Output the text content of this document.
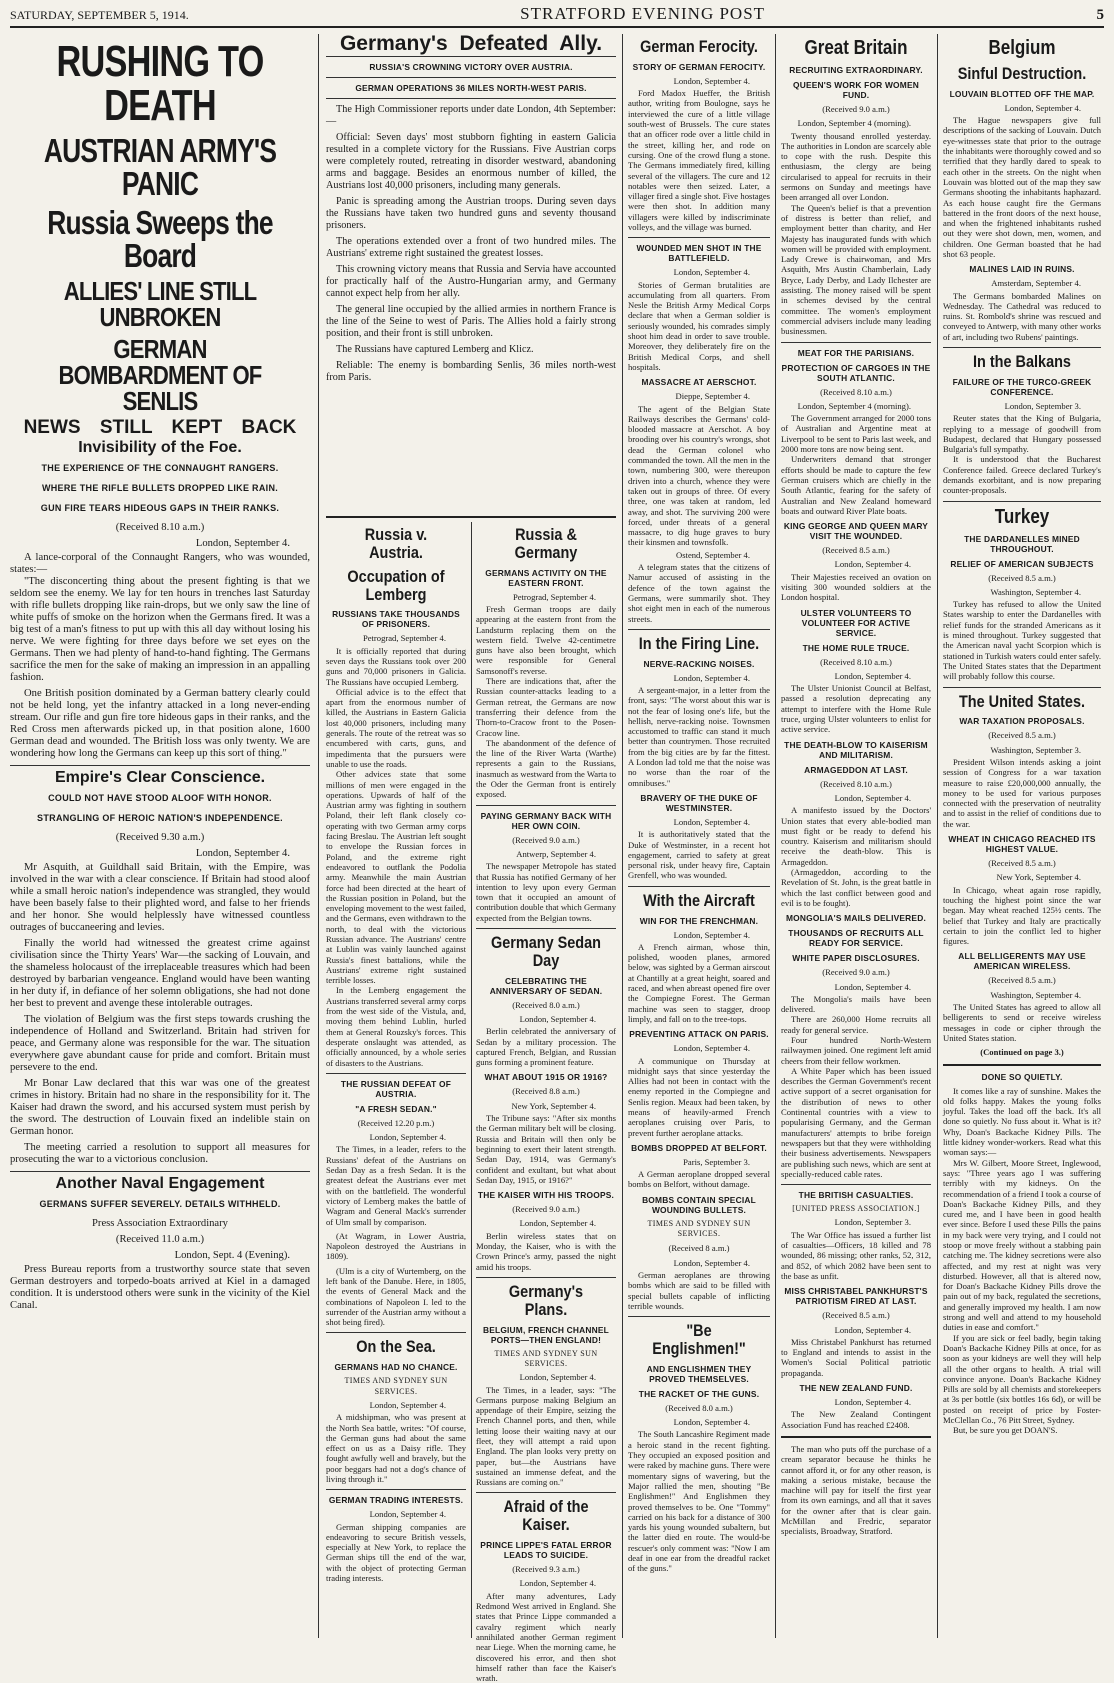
SATURDAY, SEPTEMBER 5, 1914.	STRATFORD EVENING POST	5
RUSHING TO DEATH
AUSTRIAN ARMY'S PANIC
Russia Sweeps the Board
ALLIES' LINE STILL UNBROKEN
GERMAN BOMBARDMENT OF SENLIS
NEWS STILL KEPT BACK
Invisibility of the Foe.
THE EXPERIENCE OF THE CONNAUGHT RANGERS.
WHERE THE RIFLE BULLETS DROPPED LIKE RAIN.
GUN FIRE TEARS HIDEOUS GAPS IN THEIR RANKS.
(Received 8.10 a.m.)
London, September 4.

A lance-corporal of the Connaught Rangers, who was wounded, states:—

"The disconcerting thing about the present fighting is that we seldom see the enemy. We lay for ten hours in trenches last Saturday with rifle bullets dropping like rain-drops, but we only saw the line of white puffs of smoke on the horizon when the Germans fired. It was a big test of a man's fitness to put up with this all day without losing his nerve. We were fighting for three days before we set eyes on the Germans. Then we had plenty of hand-to-hand fighting. The Germans sacrifice the men for the sake of making an impression in an appalling fashion.

One British position dominated by a German battery clearly could not be held long, yet the infantry attacked in a long never-ending stream. Our rifle and gun fire tore hideous gaps in their ranks, and the Red Cross men afterwards picked up, in that position alone, 1600 German dead and wounded. The British loss was only twenty. We are wondering how long the Germans can keep up this sort of thing."

Empire's Clear Conscience.
COULD NOT HAVE STOOD ALOOF WITH HONOR.
STRANGLING OF HEROIC NATION'S INDEPENDENCE.
(Received 9.30 a.m.)
London, September 4.

Mr Asquith, at Guildhall said Britain, with the Empire, was involved in the war with a clear conscience. If Britain had stood aloof while a small heroic nation's independence was strangled, they would have been basely false to their plighted word, and false to her friends and her honor. She would helplessly have witnessed countless outrages of buccaneering and levies.

Finally the world had witnessed the greatest crime against civilisation since the Thirty Years' War—the sacking of Louvain, and the shameless holocaust of the irreplaceable treasures which had been destroyed by barbarian vengeance. England would have been wanting in her duty if, in defiance of her solemn obligations, she had not done her best to prevent and avenge these intolerable outrages.

The violation of Belgium was the first steps towards crushing the independence of Holland and Switzerland. Britain had striven for peace, and Germany alone was responsible for the war. The situation everywhere gave abundant cause for pride and comfort. Britain must persevere to the end.

Mr Bonar Law declared that this war was one of the greatest crimes in history. Britain had no share in the responsibility for it. The Kaiser had drawn the sword, and his accursed system must perish by the sword. The destruction of Louvain fixed an indelible stain on German honor.

The meeting carried a resolution to support all measures for prosecuting the war to a victorious conclusion.

Another Naval Engagement
GERMANS SUFFER SEVERELY. DETAILS WITHHELD.
Press Association Extraordinary
(Received 11.0 a.m.)
London, Sept. 4 (Evening).

Press Bureau reports from a trustworthy source state that seven German destroyers and torpedo-boats arrived at Kiel in a damaged condition. It is understood others were sunk in the vicinity of the Kiel Canal.

Germany's Defeated Ally.
RUSSIA'S CROWNING VICTORY OVER AUSTRIA.
GERMAN OPERATIONS 36 MILES NORTH-WEST PARIS.

The High Commissioner reports under date London, 4th September:—

Official: Seven days' most stubborn fighting in eastern Galicia resulted in a complete victory for the Russians. Five Austrian corps were completely routed, retreating in disorder westward, abandoning arms and baggage. Besides an enormous number of killed, the Austrians lost 40,000 prisoners, including many generals.

Panic is spreading among the Austrian troops. During seven days the Russians have taken two hundred guns and seventy thousand prisoners.

The operations extended over a front of two hundred miles. The Austrians' extreme right sustained the greatest losses.

This crowning victory means that Russia and Servia have accounted for practically half of the Austro-Hungarian army, and Germany cannot expect help from her ally.

The general line occupied by the allied armies in northern France is the line of the Seine to west of Paris. The Allies hold a fairly strong position, and their front is still unbroken.

The Russians have captured Lemberg and Klicz.

Reliable: The enemy is bombarding Senlis, 36 miles north-west from Paris.

Russia v. Austria.
Occupation of Lemberg
RUSSIANS TAKE THOUSANDS OF PRISONERS.
Petrograd, September 4.

It is officially reported that during seven days the Russians took over 200 guns and 70,000 prisoners in Galicia. The Russians have occupied Lemberg.

Official advice is to the effect that apart from the enormous number of killed, the Austrians in Eastern Galicia lost 40,000 prisoners, including many generals. The route of the retreat was so encumbered with carts, guns, and impedimenta that the pursuers were unable to use the roads.

Other advices state that some millions of men were engaged in the operations. Upwards of half of the Austrian army was fighting in southern Poland, their left flank closely co-operating with two German army corps facing Breslau. The Austrian left sought to envelope the Russian forces in Poland, and the extreme right endeavored to outflank the Podolia army. Meanwhile the main Austrian force had been directed at the heart of the Russian position in Poland, but the enveloping movement to the west failed, and the Germans, even withdrawn to the north, to deal with the victorious Russian advance. The Austrians' centre at Lublin was vainly launched against Russia's finest battalions, while the Austrians' extreme right sustained terrible losses.

In the Lemberg engagement the Austrians transferred several army corps from the west side of the Vistula, and, moving them behind Lublin, hurled them at General Rouzsky's forces. This desperate onslaught was attended, as officially announced, by a whole series of disasters to the Austrians.

THE RUSSIAN DEFEAT OF AUSTRIA.
"A FRESH SEDAN."
(Received 12.20 p.m.)
London, September 4.

The Times, in a leader, refers to the Russians' defeat of the Austrians on Sedan Day as a fresh Sedan. It is the greatest defeat the Austrians ever met with on the battlefield. The wonderful victory of Lemberg makes the battle of Wagram and General Mack's surrender of Ulm small by comparison.

(At Wagram, in Lower Austria, Napoleon destroyed the Austrians in 1809).

(Ulm is a city of Wurtemberg, on the left bank of the Danube. Here, in 1805, the events of General Mack and the combinations of Napoleon I. led to the surrender of the Austrian army without a shot being fired).

On the Sea.
GERMANS HAD NO CHANCE.
TIMES AND SYDNEY SUN SERVICES.
London, September 4.

A midshipman, who was present at the North Sea battle, writes: "Of course, the German guns had about the same effect on us as a Daisy rifle. They fought awfully well and bravely, but the poor beggars had not a dog's chance of living through it."

GERMAN TRADING INTERESTS.
London, September 4.

German shipping companies are endeavoring to secure British vessels, especially at New York, to replace the German ships till the end of the war, with the object of protecting German trading interests.

Russia & Germany
GERMANS ACTIVITY ON THE EASTERN FRONT.
Petrograd, September 4.

Fresh German troops are daily appearing at the eastern front from the Landsturm replacing them on the western field. Twelve 42-centimetre guns have also been brought, which were responsible for General Samsonoff's reverse.

There are indications that, after the Russian counter-attacks leading to a German retreat, the Germans are now transferring their defence from the Thorn-to-Cracow front to the Posen-Cracow line.

The abandonment of the defence of the line of the River Warta (Warthe) represents a gain to the Russians, inasmuch as westward from the Warta to the Oder the German front is entirely exposed.

PAYING GERMANY BACK WITH HER OWN COIN.
(Received 9.0 a.m.)
Antwerp, September 4.

The newspaper Metropole has stated that Russia has notified Germany of her intention to levy upon every German town that it occupied an amount of contribution double that which Germany expected from the Belgian towns.

Germany Sedan Day
CELEBRATING THE ANNIVERSARY OF SEDAN.
(Received 8.0 a.m.)
London, September 4.

Berlin celebrated the anniversary of Sedan by a military procession. The captured French, Belgian, and Russian guns forming a prominent feature.

WHAT ABOUT 1915 OR 1916?
(Received 8.8 a.m.)
New York, September 4.

The Tribune says: "After six months the German military belt will be closing. Russia and Britain will then only be beginning to exert their latent strength. Sedan Day, 1914, was Germany's confident and exultant, but what about Sedan Day, 1915, or 1916?"

THE KAISER WITH HIS TROOPS.
(Received 9.0 a.m.)
London, September 4.

Berlin wireless states that on Monday, the Kaiser, who is with the Crown Prince's army, passed the night amid his troops.

Germany's Plans.
BELGIUM, FRENCH CHANNEL PORTS—THEN ENGLAND!
TIMES AND SYDNEY SUN SERVICES.
London, September 4.

The Times, in a leader, says: "The Germans purpose making Belgium an appendage of their Empire, seizing the French Channel ports, and then, while letting loose their waiting navy at our fleet, they will attempt a raid upon England. The plan looks very pretty on paper, but—the Austrians have sustained an immense defeat, and the Russians are coming on."

Afraid of the Kaiser.
PRINCE LIPPE'S FATAL ERROR LEADS TO SUICIDE.
(Received 9.3 a.m.)
London, September 4.

After many adventures, Lady Redmond West arrived in England. She states that Prince Lippe commanded a cavalry regiment which nearly annihilated another German regiment near Liege. When the morning came, he discovered his error, and then shot himself rather than face the Kaiser's wrath.

German Ferocity.
STORY OF GERMAN FEROCITY.
London, September 4.

Ford Madox Hueffer, the British author, writing from Boulogne, says he interviewed the cure of a little village south-west of Brussels. The cure states that an officer rode over a little child in the street, killing her, and rode on cursing. One of the crowd flung a stone. The Germans immediately fired, killing several of the villagers. The cure and 12 notables were then seized. Later, a villager fired a single shot. Five hostages were then shot. In addition many villagers were killed by indiscriminate volleys, and the village was burned.

WOUNDED MEN SHOT IN THE BATTLEFIELD.
London, September 4.

Stories of German brutalities are accumulating from all quarters. From Nesle the British Army Medical Corps declare that when a German soldier is seriously wounded, his comrades simply shoot him dead in order to save trouble. Moreover, they deliberately fire on the British Medical Corps, and shell hospitals.

MASSACRE AT AERSCHOT.
Dieppe, September 4.

The agent of the Belgian State Railways describes the Germans' cold-blooded massacre at Aerschot. A boy brooding over his country's wrongs, shot dead the German colonel who commanded the town. All the men in the town, numbering 300, were thereupon driven into a church, whence they were taken out in groups of three. Of every three, one was taken at random, led away, and shot. The surviving 200 were forced, under threats of a general massacre, to dig huge graves to bury their kinsmen and townsfolk.

Ostend, September 4.

A telegram states that the citizens of Namur accused of assisting in the defence of the town against the Germans, were summarily shot. They shot eight men in each of the numerous streets.

In the Firing Line.
NERVE-RACKING NOISES.
London, September 4.

A sergeant-major, in a letter from the front, says: "The worst about this war is not the fear of losing one's life, but the hellish, nerve-racking noise. Townsmen accustomed to traffic can stand it much better than countrymen. Those recruited from the big cities are by far the fittest. A London lad told me that the noise was no worse than the roar of the omnibuses."

BRAVERY OF THE DUKE OF WESTMINSTER.
London, September 4.

It is authoritatively stated that the Duke of Westminster, in a recent hot engagement, carried to safety at great personal risk, under heavy fire, Captain Grenfell, who was wounded.

With the Aircraft
WIN FOR THE FRENCHMAN.
London, September 4.

A French airman, whose thin, polished, wooden planes, armored below, was sighted by a German airscout at Chantilly at a great height, soared and raced, and when abreast opened fire over the Compiegne Forest. The German machine was seen to stagger, droop limply, and fall on to the tree-tops.

PREVENTING ATTACK ON PARIS.
London, September 4.

A communique on Thursday at midnight says that since yesterday the Allies had not been in contact with the enemy reported in the Compiegne and Senlis region. Meaux had been taken, by means of heavily-armed French aeroplanes cruising over Paris, to prevent further aeroplane attacks.

BOMBS DROPPED AT BELFORT.
Paris, September 3.

A German aeroplane dropped several bombs on Belfort, without damage.

BOMBS CONTAIN SPECIAL WOUNDING BULLETS.
TIMES AND SYDNEY SUN SERVICES.
(Received 8 a.m.)
London, September 4.

German aeroplanes are throwing bombs which are said to be filled with special bullets capable of inflicting terrible wounds.

"Be Englishmen!"
AND ENGLISHMEN THEY PROVED THEMSELVES.
THE RACKET OF THE GUNS.
(Received 8.0 a.m.)
London, September 4.

The South Lancashire Regiment made a heroic stand in the recent fighting. They occupied an exposed position and were raked by machine guns. There were momentary signs of wavering, but the Major rallied the men, shouting "Be Englishmen!" And Englishmen they proved themselves to be. One "Tommy" carried on his back for a distance of 300 yards his young wounded subaltern, but the latter died en route. The would-be rescuer's only comment was: "Now I am deaf in one ear from the dreadful racket of the guns."

Great Britain
RECRUITING EXTRAORDINARY.
QUEEN'S WORK FOR WOMEN FUND.
(Received 9.0 a.m.)
London, September 4 (morning).

Twenty thousand enrolled yesterday. The authorities in London are scarcely able to cope with the rush. Despite this enthusiasm, the clergy are being circularised to appeal for recruits in their sermons on Sunday and meetings have been arranged all over London.

The Queen's belief is that a prevention of distress is better than relief, and employment better than charity, and Her Majesty has inaugurated funds with which women will be provided with employment. Lady Crewe is chairwoman, and Mrs Asquith, Mrs Austin Chamberlain, Lady Bryce, Lady Derby, and Lady Ilchester are assisting. The money raised will be spent in schemes devised by the central committee. The women's employment commercial advisers include many leading businessmen.

MEAT FOR THE PARISIANS.
PROTECTION OF CARGOES IN THE SOUTH ATLANTIC.
(Received 8.10 a.m.)
London, September 4 (morning).

The Government arranged for 2000 tons of Australian and Argentine meat at Liverpool to be sent to Paris last week, and 2000 more tons are now being sent.

Underwriters demand that stronger efforts should be made to capture the few German cruisers which are chiefly in the South Atlantic, fearing for the safety of Australian and New Zealand homeward boats and outward River Plate boats.

KING GEORGE AND QUEEN MARY VISIT THE WOUNDED.
(Received 8.5 a.m.)
London, September 4.

Their Majesties received an ovation on visiting 300 wounded soldiers at the London hospital.

ULSTER VOLUNTEERS TO VOLUNTEER FOR ACTIVE SERVICE.
THE HOME RULE TRUCE.
(Received 8.10 a.m.)
London, September 4.

The Ulster Unionist Council at Belfast, passed a resolution deprecating any attempt to interfere with the Home Rule truce, urging Ulster volunteers to enlist for active service.

THE DEATH-BLOW TO KAISERISM AND MILITARISM.
ARMAGEDDON AT LAST.
(Received 8.10 a.m.)
London, September 4.

A manifesto issued by the Doctors' Union states that every able-bodied man must fight or be ready to defend his country. Kaiserism and militarism should receive the death-blow. This is Armageddon.

(Armageddon, according to the Revelation of St. John, is the great battle in which the last conflict between good and evil is to be fought).

MONGOLIA'S MAILS DELIVERED.
THOUSANDS OF RECRUITS ALL READY FOR SERVICE.
WHITE PAPER DISCLOSURES.
(Received 9.0 a.m.)
London, September 4.

The Mongolia's mails have been delivered.

There are 260,000 Home recruits all ready for general service.

Four hundred North-Western railwaymen joined. One regiment left amid cheers from their fellow workmen.

A White Paper which has been issued describes the German Government's recent active support of a secret organisation for the distribution of news to other Continental countries with a view to popularising Germany, and the German manufacturers' attempts to bribe foreign newspapers but that they were withholding their business advertisements. Newspapers are publishing such news, which are sent at specially-reduced cable rates.

THE BRITISH CASUALTIES.
[UNITED PRESS ASSOCIATION.]
London, September 3.

The War Office has issued a further list of casualties—Officers, 18 killed and 78 wounded, 86 missing; other ranks, 52, 312, and 852, of which 2082 have been sent to the base as unfit.

MISS CHRISTABEL PANKHURST'S PATRIOTISM FIRED AT LAST.
(Received 8.5 a.m.)
London, September 4.

Miss Christabel Pankhurst has returned to England and intends to assist in the Women's Social Political patriotic propaganda.

THE NEW ZEALAND FUND.
London, September 4.

The New Zealand Contingent Association Fund has reached £2408.

The man who puts off the purchase of a cream separator because he thinks he cannot afford it, or for any other reason, is making a serious mistake, because the machine will pay for itself the first year from its own earnings, and all that it saves for the owner after that is clear gain. McMillan and Fredric, separator specialists, Broadway, Stratford.

Belgium
Sinful Destruction.
LOUVAIN BLOTTED OFF THE MAP.
London, September 4.

The Hague newspapers give full descriptions of the sacking of Louvain. Dutch eye-witnesses state that prior to the outrage the inhabitants were thoroughly cowed and so terrified that they hardly dared to speak to each other in the streets. On the night when Louvain was blotted out of the map they saw Germans shooting the inhabitants haphazard. As each house caught fire the Germans battered in the front doors of the next house, and when the frightened inhabitants rushed out they were shot down, men, women, and children. One German boasted that he had shot 63 people.

MALINES LAID IN RUINS.
Amsterdam, September 4.

The Germans bombarded Malines on Wednesday. The Cathedral was reduced to ruins. St. Rombold's shrine was rescued and conveyed to Antwerp, with many other works of art, including two Rubens' paintings.

In the Balkans
FAILURE OF THE TURCO-GREEK CONFERENCE.
London, September 3.

Reuter states that the King of Bulgaria, replying to a message of goodwill from Budapest, declared that Hungary possessed Bulgaria's full sympathy.

It is understood that the Bucharest Conference failed. Greece declared Turkey's demands exorbitant, and is now preparing counter-proposals.

Turkey
THE DARDANELLES MINED THROUGHOUT.
RELIEF OF AMERICAN SUBJECTS
(Received 8.5 a.m.)
Washington, September 4.

Turkey has refused to allow the United States warship to enter the Dardanelles with relief funds for the stranded Americans as it is mined throughout. Turkey suggested that the American naval yacht Scorpion which is stationed in Turkish waters could enter safely. The United States states that the Department will probably follow this course.

The United States.
WAR TAXATION PROPOSALS.
(Received 8.5 a.m.)
Washington, September 3.

President Wilson intends asking a joint session of Congress for a war taxation measure to raise £20,000,000 annually, the money to be used for various purposes connected with the preservation of neutrality and to assist in the relief of conditions due to the war.

WHEAT IN CHICAGO REACHED ITS HIGHEST VALUE.
(Received 8.5 a.m.)
New York, September 4.

In Chicago, wheat again rose rapidly, touching the highest point since the war began. May wheat reached 125½ cents. The belief that Turkey and Italy are practically certain to join the conflict led to higher figures.

ALL BELLIGERENTS MAY USE AMERICAN WIRELESS.
(Received 8.5 a.m.)
Washington, September 4.

The United States has agreed to allow all belligerents to send or receive wireless messages in code or cipher through the United States station.

(Continued on page 3.)
DONE SO QUIETLY.

It comes like a ray of sunshine. Makes the old folks happy. Makes the young folks joyful. Takes the load off the back. It's all done so quietly. No fuss about it. What is it? Why, Doan's Backache Kidney Pills. The little kidney wonder-workers. Read what this woman says:—

Mrs W. Gilbert, Moore Street, Inglewood, says: "Three years ago I was suffering terribly with my kidneys. On the recommendation of a friend I took a course of Doan's Backache Kidney Pills, and they cured me, and I have been in good health ever since. Before I used these Pills the pains in my back were very trying, and I could not stoop or move freely without a stabbing pain catching me. The kidney secretions were also affected, and my rest at night was very disturbed. However, all that is altered now, for Doan's Backache Kidney Pills drove the pain out of my back, regulated the secretions, and generally improved my health. I am now strong and well and attend to my household duties in ease and comfort."

If you are sick or feel badly, begin taking Doan's Backache Kidney Pills at once, for as soon as your kidneys are well they will help all the other organs to health. A trial will convince anyone. Doan's Backache Kidney Pills are sold by all chemists and storekeepers at 3s per bottle (six bottles 16s 6d), or will be posted on receipt of price by Foster-McClellan Co., 76 Pitt Street, Sydney.

But, be sure you get DOAN'S.
